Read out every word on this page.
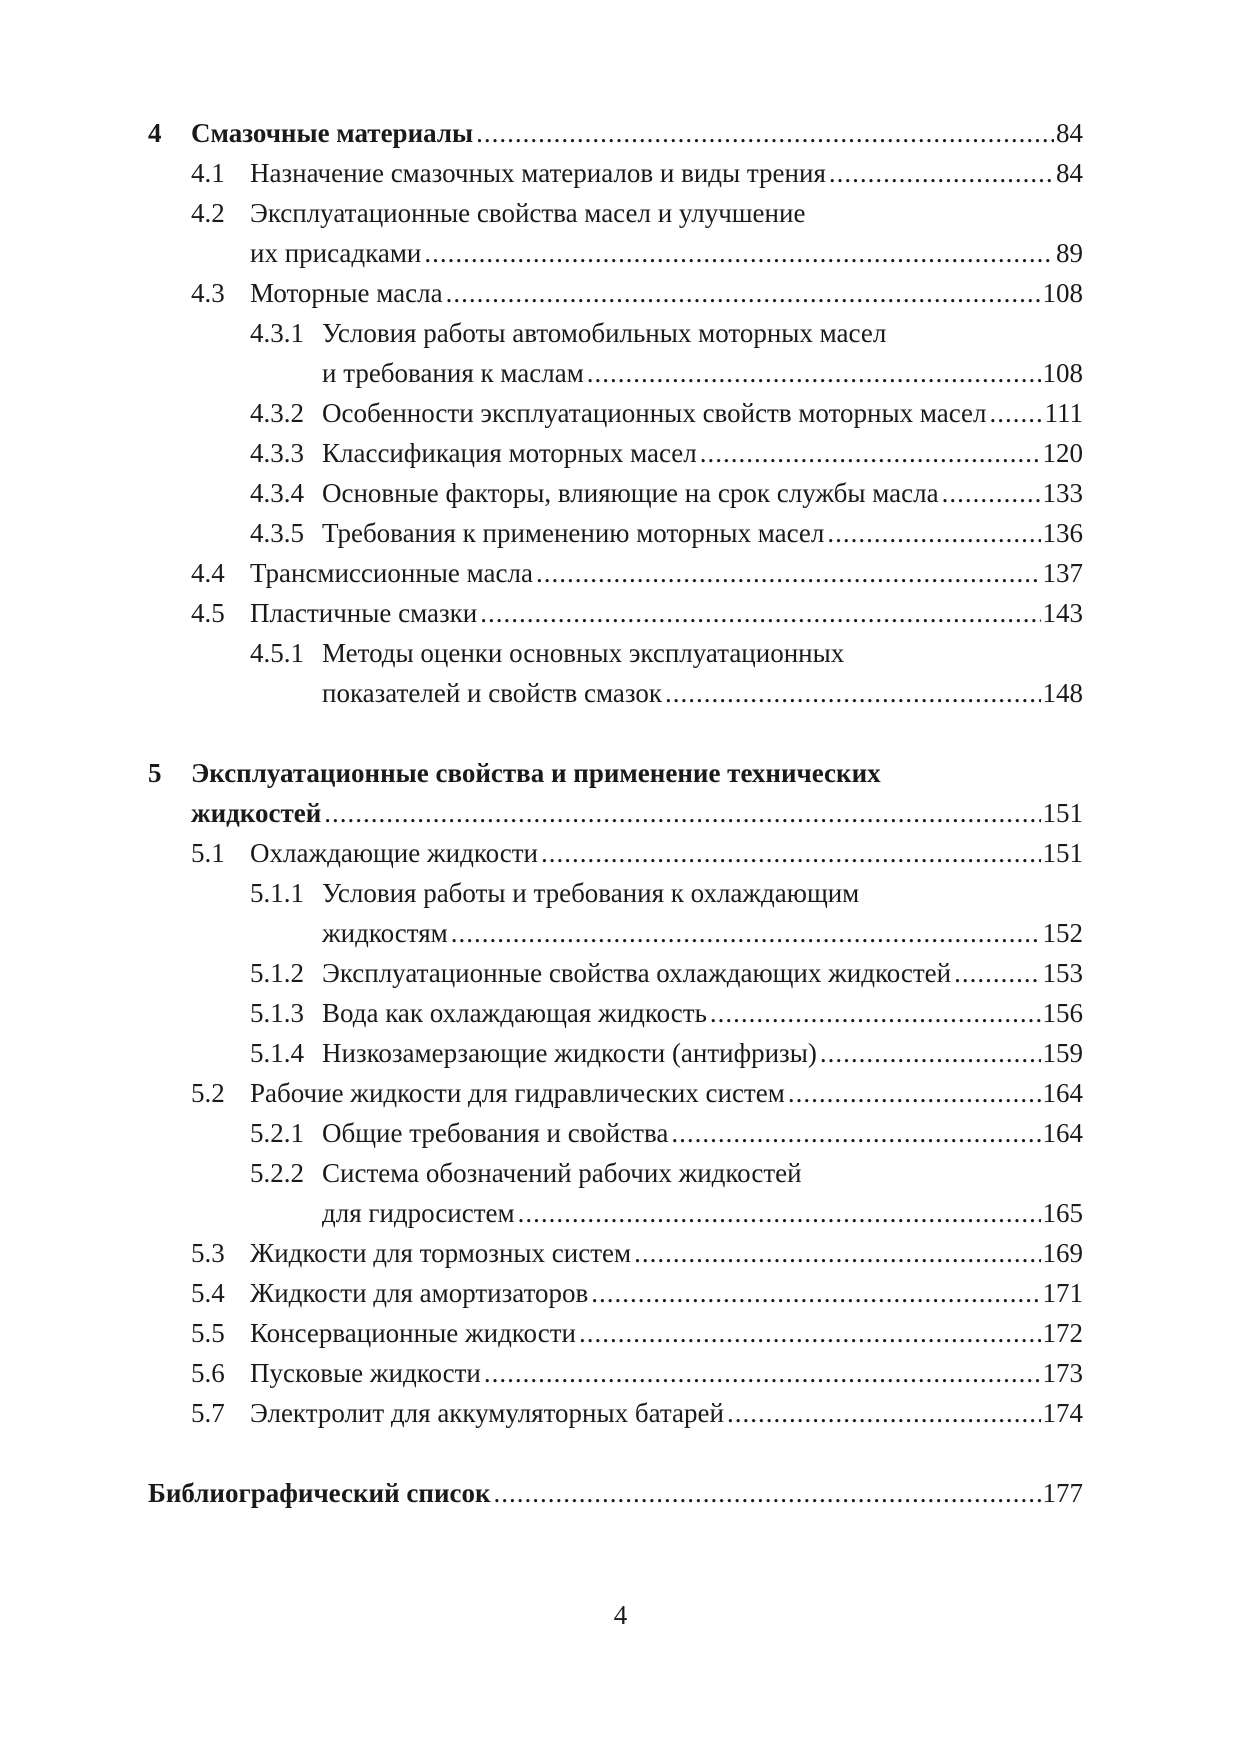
4 Смазочные материалы .....	84
4.1 Назначение смазочных материалов и виды трения .....	84
4.2 Эксплуатационные свойства масел и улучшение
их присадками .....	89
4.3 Моторные масла .....	108
4.3.1 Условия работы автомобильных моторных масел
и требования к маслам .....	108
4.3.2 Особенности эксплуатационных свойств моторных масел ..... 111
4.3.3 Классификация моторных масел .....	120
4.3.4 Основные факторы, влияющие на срок службы масла .....	133
4.3.5 Требования к применению моторных масел .....	136
4.4 Трансмиссионные масла .....	137
4.5 Пластичные смазки .....	143
4.5.1 Методы оценки основных эксплуатационных
показателей и свойств смазок .....	148
5 Эксплуатационные свойства и применение технических
жидкостей .....	151
5.1 Охлаждающие жидкости .....	151
5.1.1 Условия работы и требования к охлаждающим
жидкостям .....	152
5.1.2 Эксплуатационные свойства охлаждающих жидкостей .....	153
5.1.3 Вода как охлаждающая жидкость .....	156
5.1.4 Низкозамерзающие жидкости (антифризы) .....	159
5.2 Рабочие жидкости для гидравлических систем .....	164
5.2.1 Общие требования и свойства .....	164
5.2.2 Система обозначений рабочих жидкостей
для гидросистем .....	165
5.3 Жидкости для тормозных систем .....	169
5.4 Жидкости для амортизаторов .....	171
5.5 Консервационные жидкости .....	172
5.6 Пусковые жидкости .....	173
5.7 Электролит для аккумуляторных батарей .....	174
Библиографический список .....	177
4
